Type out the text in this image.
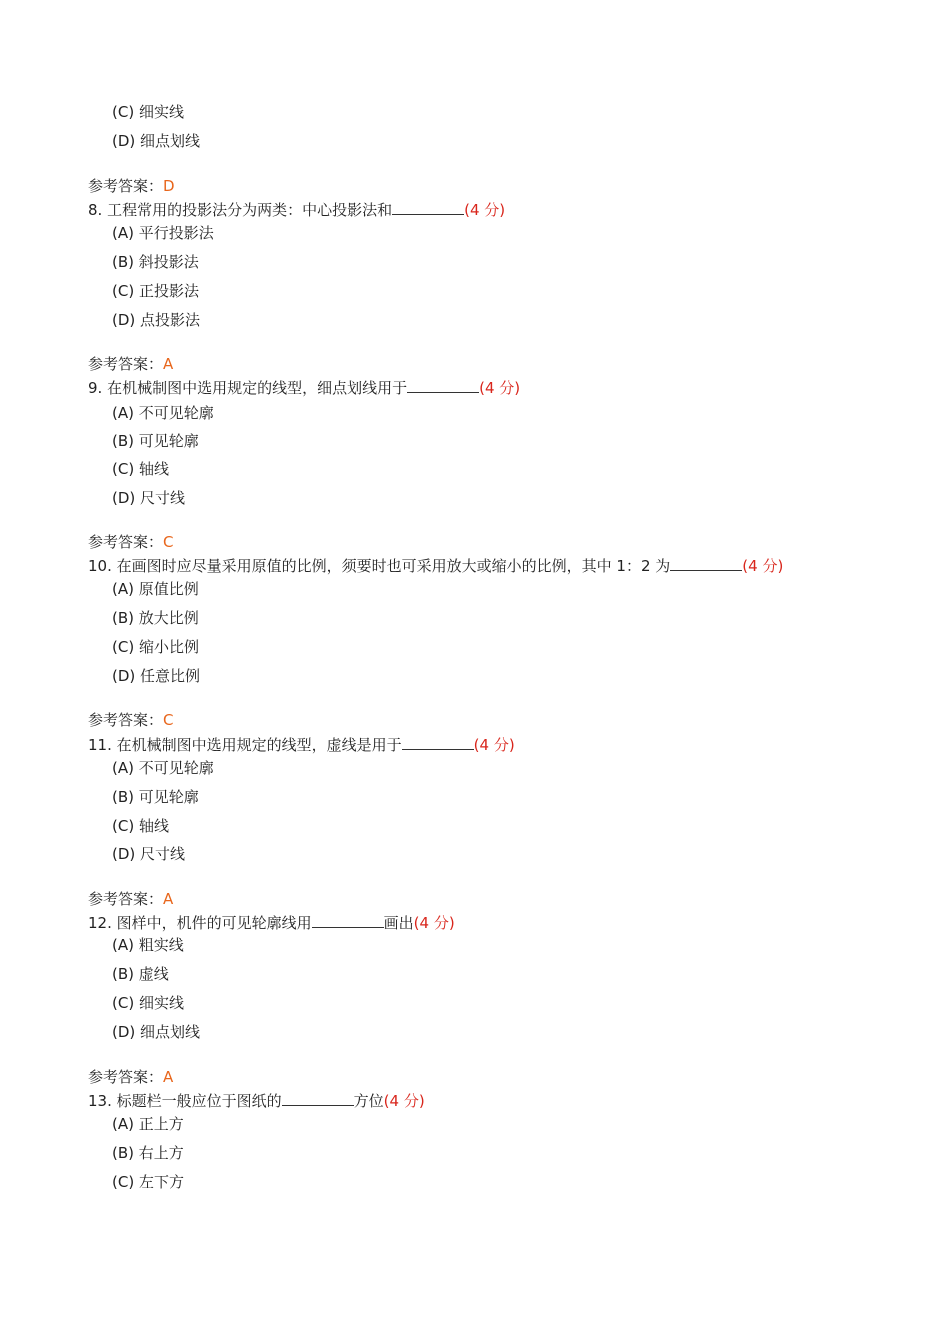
(C) 细实线
(D) 细点划线
参考答案：D
8. 工程常用的投影法分为两类：中心投影法和	(4 分)
(A) 平行投影法
(B) 斜投影法
(C) 正投影法
(D) 点投影法
参考答案：A
9. 在机械制图中选用规定的线型，细点划线用于	(4 分)
(A) 不可见轮廓
(B) 可见轮廓
(C) 轴线
(D) 尺寸线
参考答案：C
10. 在画图时应尽量采用原值的比例，须要时也可采用放大或缩小的比例，其中 1：2 为	(4 分)
(A) 原值比例
(B) 放大比例
(C) 缩小比例
(D) 任意比例
参考答案：C
11. 在机械制图中选用规定的线型，虚线是用于	(4 分)
(A) 不可见轮廓
(B) 可见轮廓
(C) 轴线
(D) 尺寸线
参考答案：A
12. 图样中，机件的可见轮廓线用	画出(4 分)
(A) 粗实线
(B) 虚线
(C) 细实线
(D) 细点划线
参考答案：A
13. 标题栏一般应位于图纸的	方位(4 分)
(A) 正上方
(B) 右上方
(C) 左下方
